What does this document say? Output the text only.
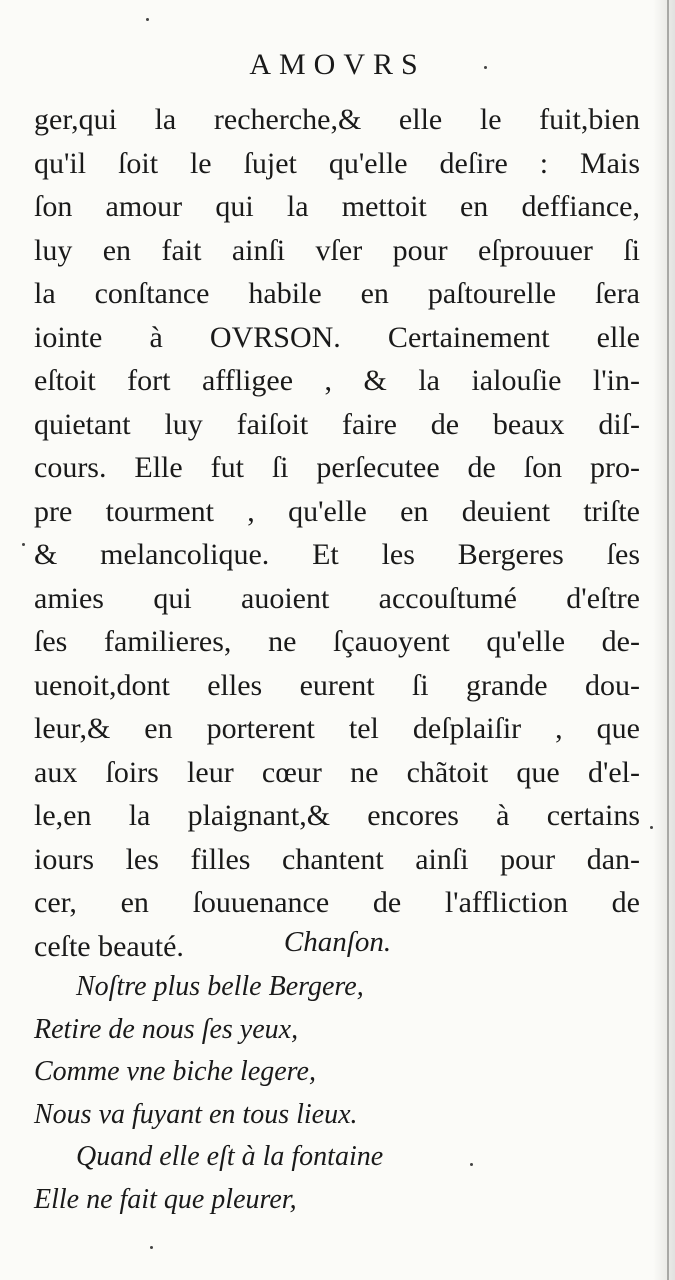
AMOVRS
ger,qui la recherche,& elle le fuit,bien
qu'il ſoit le ſujet qu'elle deſire : Mais
ſon amour qui la mettoit en deffiance,
luy en fait ainſi vſer pour eſprouuer ſi
la conſtance habile en paſtourelle ſera
iointe à OVRSON. Certainement elle
eſtoit fort affligee , & la ialouſie l'in-
quietant luy faiſoit faire de beaux diſ-
cours. Elle fut ſi perſecutee de ſon pro-
pre tourment , qu'elle en deuient triſte
& melancolique. Et les Bergeres ſes
amies qui auoient accouſtumé d'eſtre
ſes familieres, ne ſçauoyent qu'elle de-
uenoit,dont elles eurent ſi grande dou-
leur,& en porterent tel deſplaiſir , que
aux ſoirs leur cœur ne chãtoit que d'el-
le,en la plaignant,& encores à certains
iours les filles chantent ainſi pour dan-
cer, en ſouuenance de l'affliction de
ceſte beauté.	Chanſon.
Noſtre plus belle Bergere,
Retire de nous ſes yeux,
Comme vne biche legere,
Nous va fuyant en tous lieux.
Quand elle eſt à la fontaine
Elle ne fait que pleurer,
